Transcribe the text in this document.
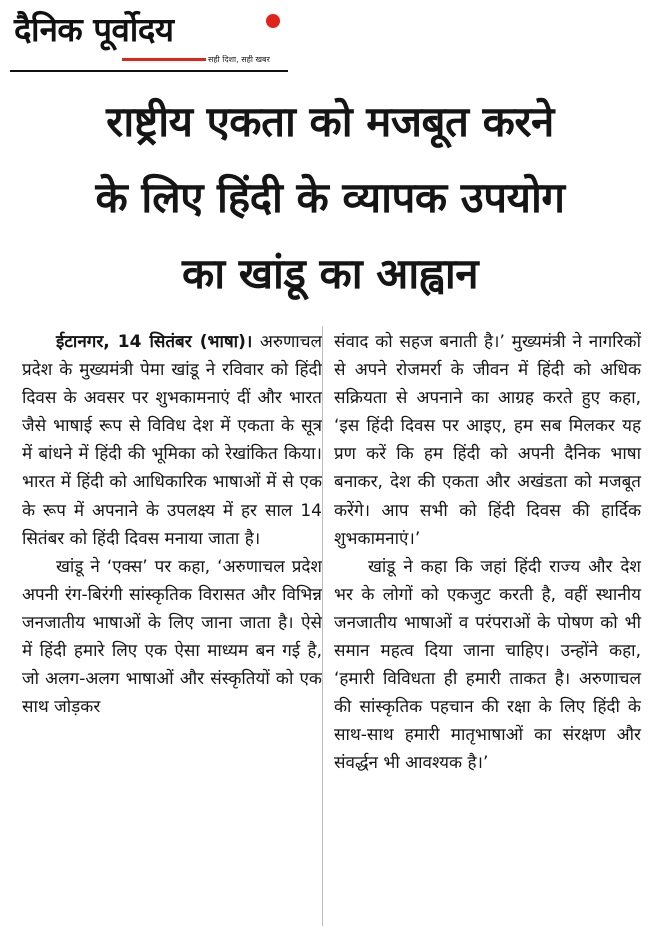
दैनिक पूर्वोदय
सही दिशा, सही खबर
राष्ट्रीय एकता को मजबूत करने
के लिए हिंदी के व्यापक उपयोग
का खांडू का आह्वान

ईटानगर, 14 सितंबर (भाषा)। अरुणाचल प्रदेश के मुख्यमंत्री पेमा खांडू ने रविवार को हिंदी दिवस के अवसर पर शुभकामनाएं दीं और भारत जैसे भाषाई रूप से विविध देश में एकता के सूत्र में बांधने में हिंदी की भूमिका को रेखांकित किया। भारत में हिंदी को आधिकारिक भाषाओं में से एक के रूप में अपनाने के उपलक्ष्य में हर साल 14 सितंबर को हिंदी दिवस मनाया जाता है।

खांडू ने ‘एक्स’ पर कहा, ‘अरुणाचल प्रदेश अपनी रंग-बिरंगी सांस्कृतिक विरासत और विभिन्न जनजातीय भाषाओं के लिए जाना जाता है। ऐसे में हिंदी हमारे लिए एक ऐसा माध्यम बन गई है, जो अलग-अलग भाषाओं और संस्कृतियों को एक साथ जोड़कर

संवाद को सहज बनाती है।’ मुख्यमंत्री ने नागरिकों से अपने रोजमर्रा के जीवन में हिंदी को अधिक सक्रियता से अपनाने का आग्रह करते हुए कहा, ‘इस हिंदी दिवस पर आइए, हम सब मिलकर यह प्रण करें कि हम हिंदी को अपनी दैनिक भाषा बनाकर, देश की एकता और अखंडता को मजबूत करेंगे। आप सभी को हिंदी दिवस की हार्दिक शुभकामनाएं।’

खांडू ने कहा कि जहां हिंदी राज्य और देश भर के लोगों को एकजुट करती है, वहीं स्थानीय जनजातीय भाषाओं व परंपराओं के पोषण को भी समान महत्व दिया जाना चाहिए। उन्होंने कहा, ‘हमारी विविधता ही हमारी ताकत है। अरुणाचल की सांस्कृतिक पहचान की रक्षा के लिए हिंदी के साथ-साथ हमारी मातृभाषाओं का संरक्षण और संवर्द्धन भी आवश्यक है।’
